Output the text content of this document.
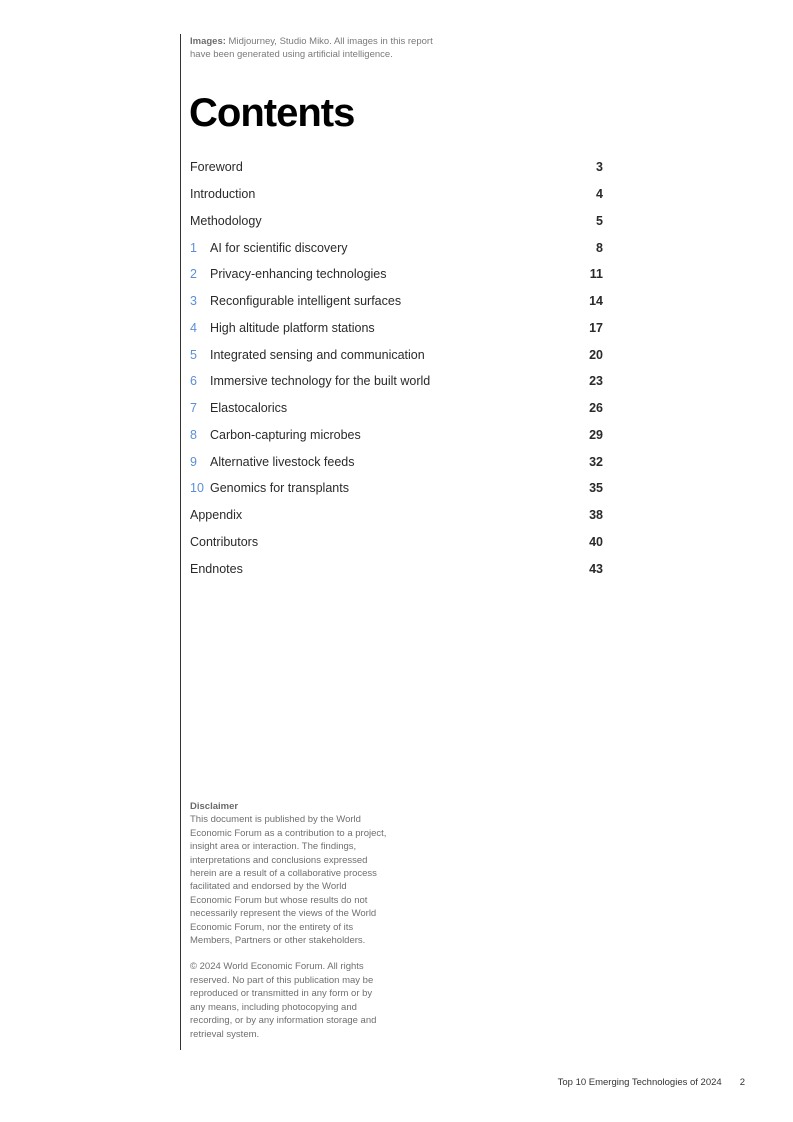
Images: Midjourney, Studio Miko. All images in this report have been generated using artificial intelligence.
Contents
Foreword	3
Introduction	4
Methodology	5
1	AI for scientific discovery	8
2	Privacy-enhancing technologies	11
3	Reconfigurable intelligent surfaces	14
4	High altitude platform stations	17
5	Integrated sensing and communication	20
6	Immersive technology for the built world	23
7	Elastocalorics	26
8	Carbon-capturing microbes	29
9	Alternative livestock feeds	32
10 Genomics for transplants	35
Appendix	38
Contributors	40
Endnotes	43
Disclaimer

This document is published by the World Economic Forum as a contribution to a project, insight area or interaction. The findings, interpretations and conclusions expressed herein are a result of a collaborative process facilitated and endorsed by the World Economic Forum but whose results do not necessarily represent the views of the World Economic Forum, nor the entirety of its Members, Partners or other stakeholders.

© 2024 World Economic Forum. All rights reserved. No part of this publication may be reproduced or transmitted in any form or by any means, including photocopying and recording, or by any information storage and retrieval system.

Top 10 Emerging Technologies of 2024 2
